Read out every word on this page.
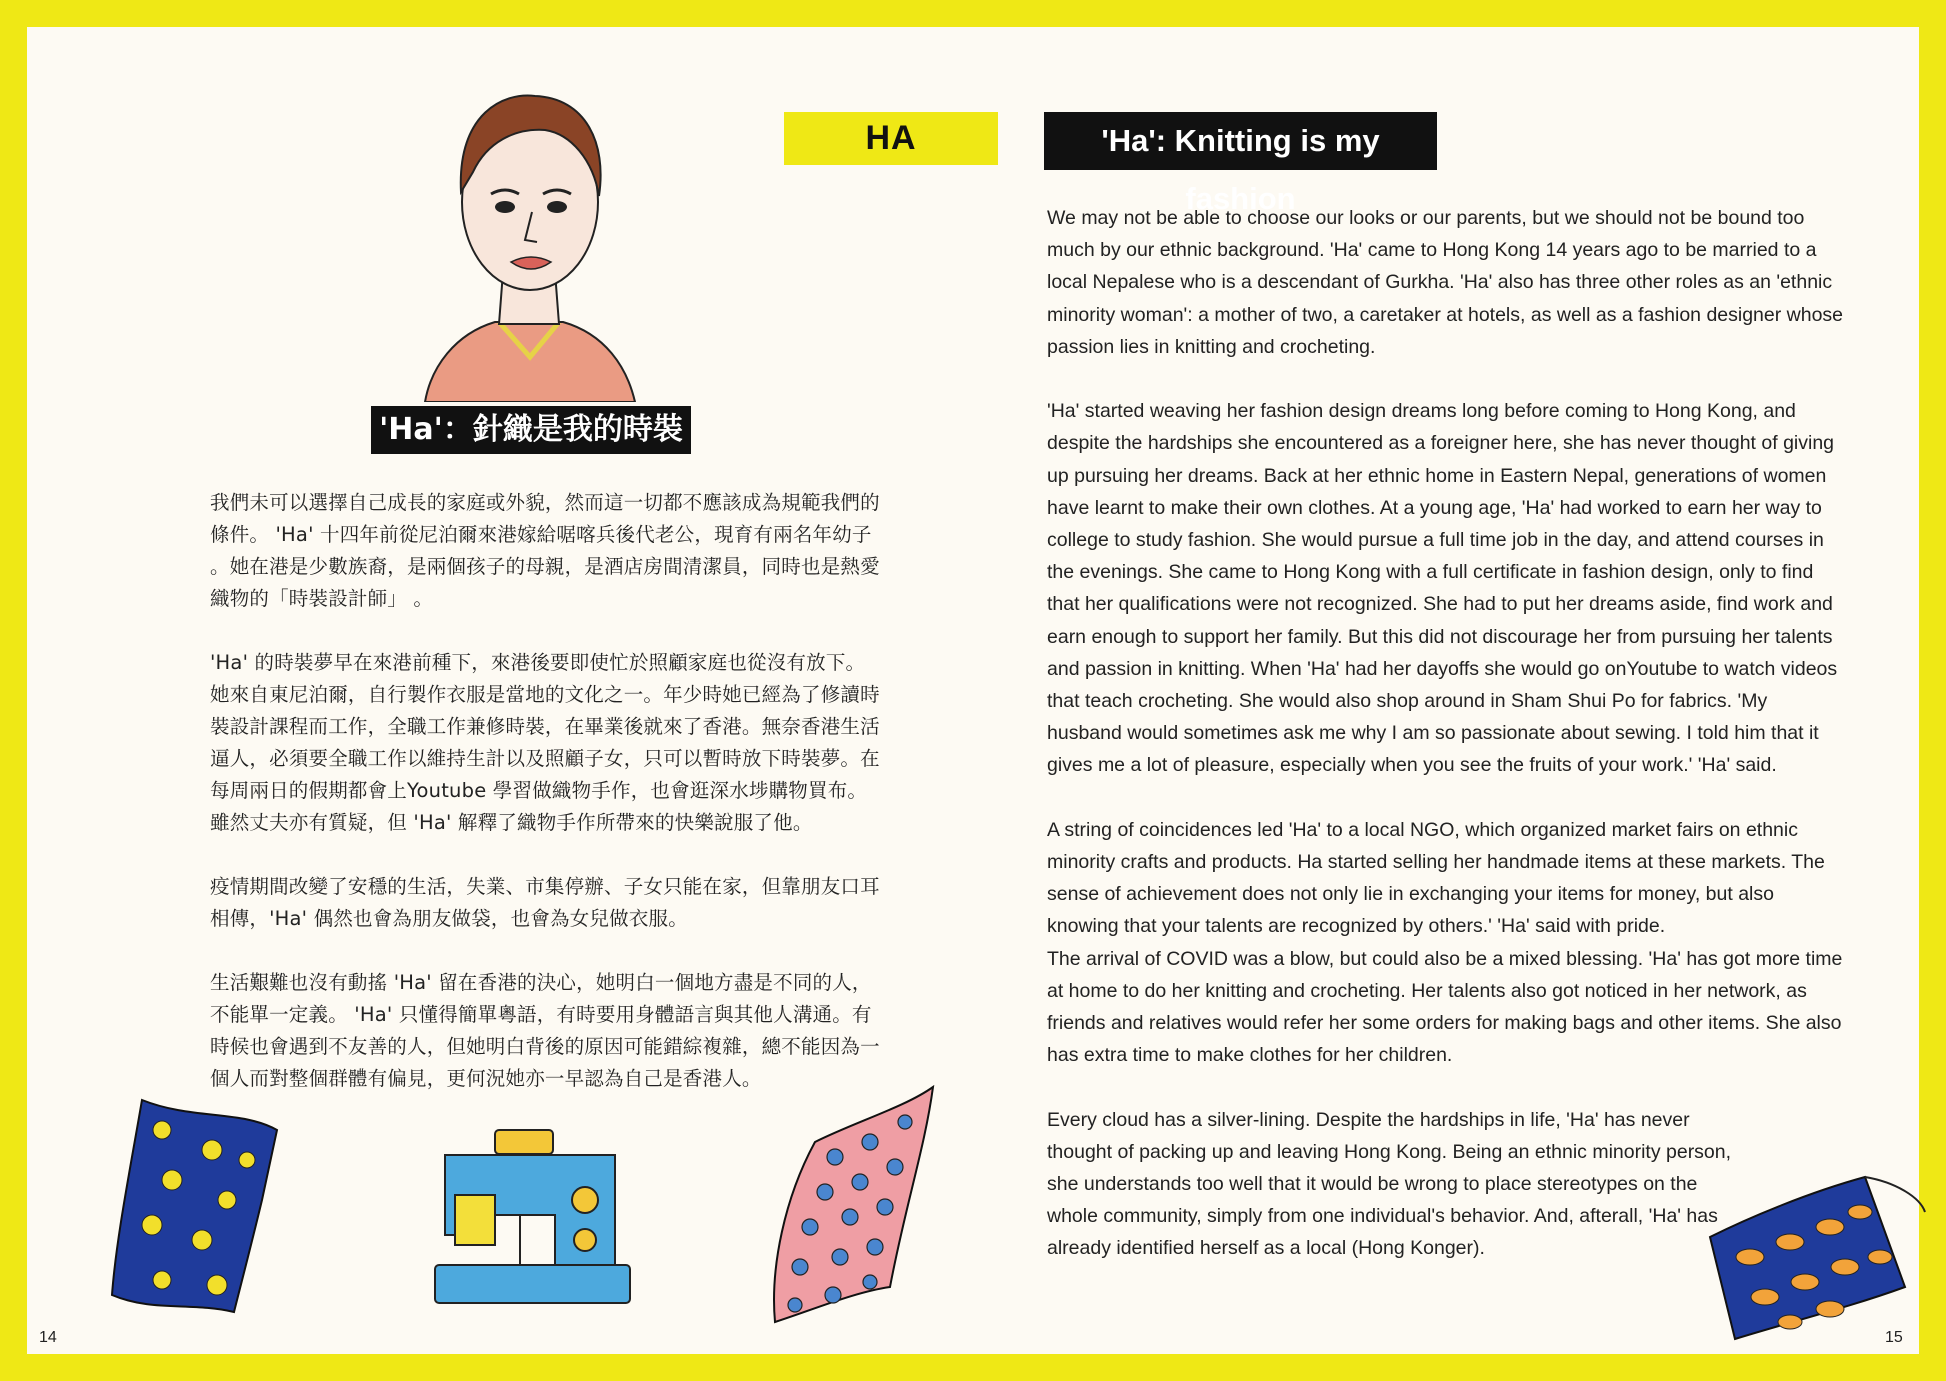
'Ha'：針織是我的時裝

我們未可以選擇自己成長的家庭或外貌，然而這一切都不應該成為規範我們的條件。 'Ha' 十四年前從尼泊爾來港嫁給啹喀兵後代老公，現育有兩名年幼子 。她在港是少數族裔，是兩個孩子的母親，是酒店房間清潔員，同時也是熱愛織物的「時裝設計師」 。

'Ha' 的時裝夢早在來港前種下，來港後要即使忙於照顧家庭也從沒有放下。她來自東尼泊爾，自行製作衣服是當地的文化之一。年少時她已經為了修讀時裝設計課程而工作，全職工作兼修時裝，在畢業後就來了香港。無奈香港生活逼人，必須要全職工作以維持生計以及照顧子女，只可以暫時放下時裝夢。在每周兩日的假期都會上Youtube 學習做織物手作，也會逛深水埗購物買布。雖然丈夫亦有質疑，但 'Ha' 解釋了織物手作所帶來的快樂說服了他。

疫情期間改變了安穩的生活，失業、市集停辦、子女只能在家，但靠朋友口耳相傳，'Ha' 偶然也會為朋友做袋，也會為女兒做衣服。

生活艱難也沒有動搖 'Ha' 留在香港的決心，她明白一個地方盡是不同的人，不能單一定義。 'Ha' 只懂得簡單粵語，有時要用身體語言與其他人溝通。有時候也會遇到不友善的人，但她明白背後的原因可能錯綜複雜，總不能因為一個人而對整個群體有偏見，更何況她亦一早認為自己是香港人。

14
HA	'Ha': Knitting is my fashion

We may not be able to choose our looks or our parents, but we should not be bound too much by our ethnic background. 'Ha' came to Hong Kong 14 years ago to be married to a local Nepalese who is a descendant of Gurkha. 'Ha' also has three other roles as an 'ethnic minority woman': a mother of two, a caretaker at hotels, as well as a fashion designer whose passion lies in knitting and crocheting.

'Ha' started weaving her fashion design dreams long before coming to Hong Kong, and despite the hardships she encountered as a foreigner here, she has never thought of giving up pursuing her dreams. Back at her ethnic home in Eastern Nepal, generations of women have learnt to make their own clothes. At a young age, 'Ha' had worked to earn her way to college to study fashion. She would pursue a full time job in the day, and attend courses in the evenings. She came to Hong Kong with a full certificate in fashion design, only to find that her qualifications were not recognized. She had to put her dreams aside, find work and earn enough to support her family. But this did not discourage her from pursuing her talents and passion in knitting. When 'Ha' had her dayoffs she would go onYoutube to watch videos that teach crocheting. She would also shop around in Sham Shui Po for fabrics. 'My husband would sometimes ask me why I am so passionate about sewing. I told him that it gives me a lot of pleasure, especially when you see the fruits of your work.' 'Ha' said.

A string of coincidences led 'Ha' to a local NGO, which organized market fairs on ethnic minority crafts and products. Ha started selling her handmade items at these markets. The sense of achievement does not only lie in exchanging your items for money, but also knowing that your talents are recognized by others.' 'Ha' said with pride.

The arrival of COVID was a blow, but could also be a mixed blessing. 'Ha' has got more time at home to do her knitting and crocheting. Her talents also got noticed in her network, as friends and relatives would refer her some orders for making bags and other items. She also has extra time to make clothes for her children.

Every cloud has a silver-lining. Despite the hardships in life, 'Ha' has never thought of packing up and leaving Hong Kong. Being an ethnic minority person, she understands too well that it would be wrong to place stereotypes on the whole community, simply from one individual's behavior. And, afterall, 'Ha' has already identified herself as a local (Hong Konger).

15
